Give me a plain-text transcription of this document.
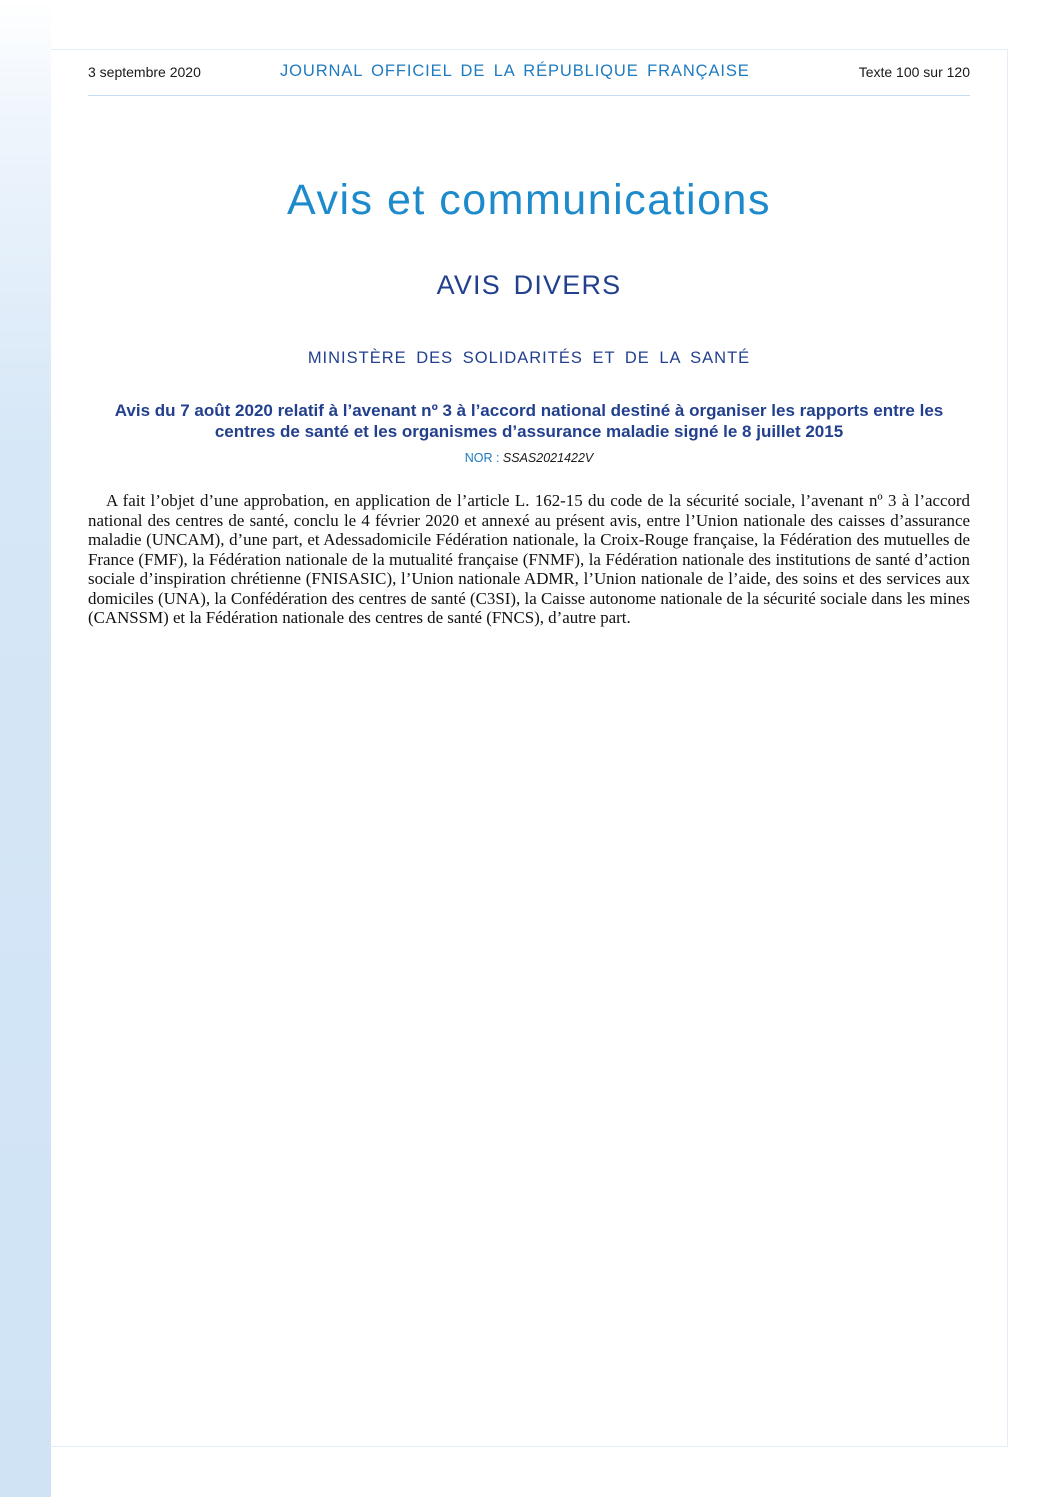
3 septembre 2020	JOURNAL OFFICIEL DE LA RÉPUBLIQUE FRANÇAISE	Texte 100 sur 120
Avis et communications
AVIS DIVERS
MINISTÈRE DES SOLIDARITÉS ET DE LA SANTÉ
Avis du 7 août 2020 relatif à l’avenant nº 3 à l’accord national destiné à organiser les rapports entre les centres de santé et les organismes d’assurance maladie signé le 8 juillet 2015
NOR : SSAS2021422V

A fait l’objet d’une approbation, en application de l’article L. 162-15 du code de la sécurité sociale, l’avenant nº 3 à l’accord national des centres de santé, conclu le 4 février 2020 et annexé au présent avis, entre l’Union nationale des caisses d’assurance maladie (UNCAM), d’une part, et Adessadomicile Fédération nationale, la Croix-Rouge française, la Fédération des mutuelles de France (FMF), la Fédération nationale de la mutualité française (FNMF), la Fédération nationale des institutions de santé d’action sociale d’inspiration chrétienne (FNISASIC), l’Union nationale ADMR, l’Union nationale de l’aide, des soins et des services aux domiciles (UNA), la Confédération des centres de santé (C3SI), la Caisse autonome nationale de la sécurité sociale dans les mines (CANSSM) et la Fédération nationale des centres de santé (FNCS), d’autre part.
